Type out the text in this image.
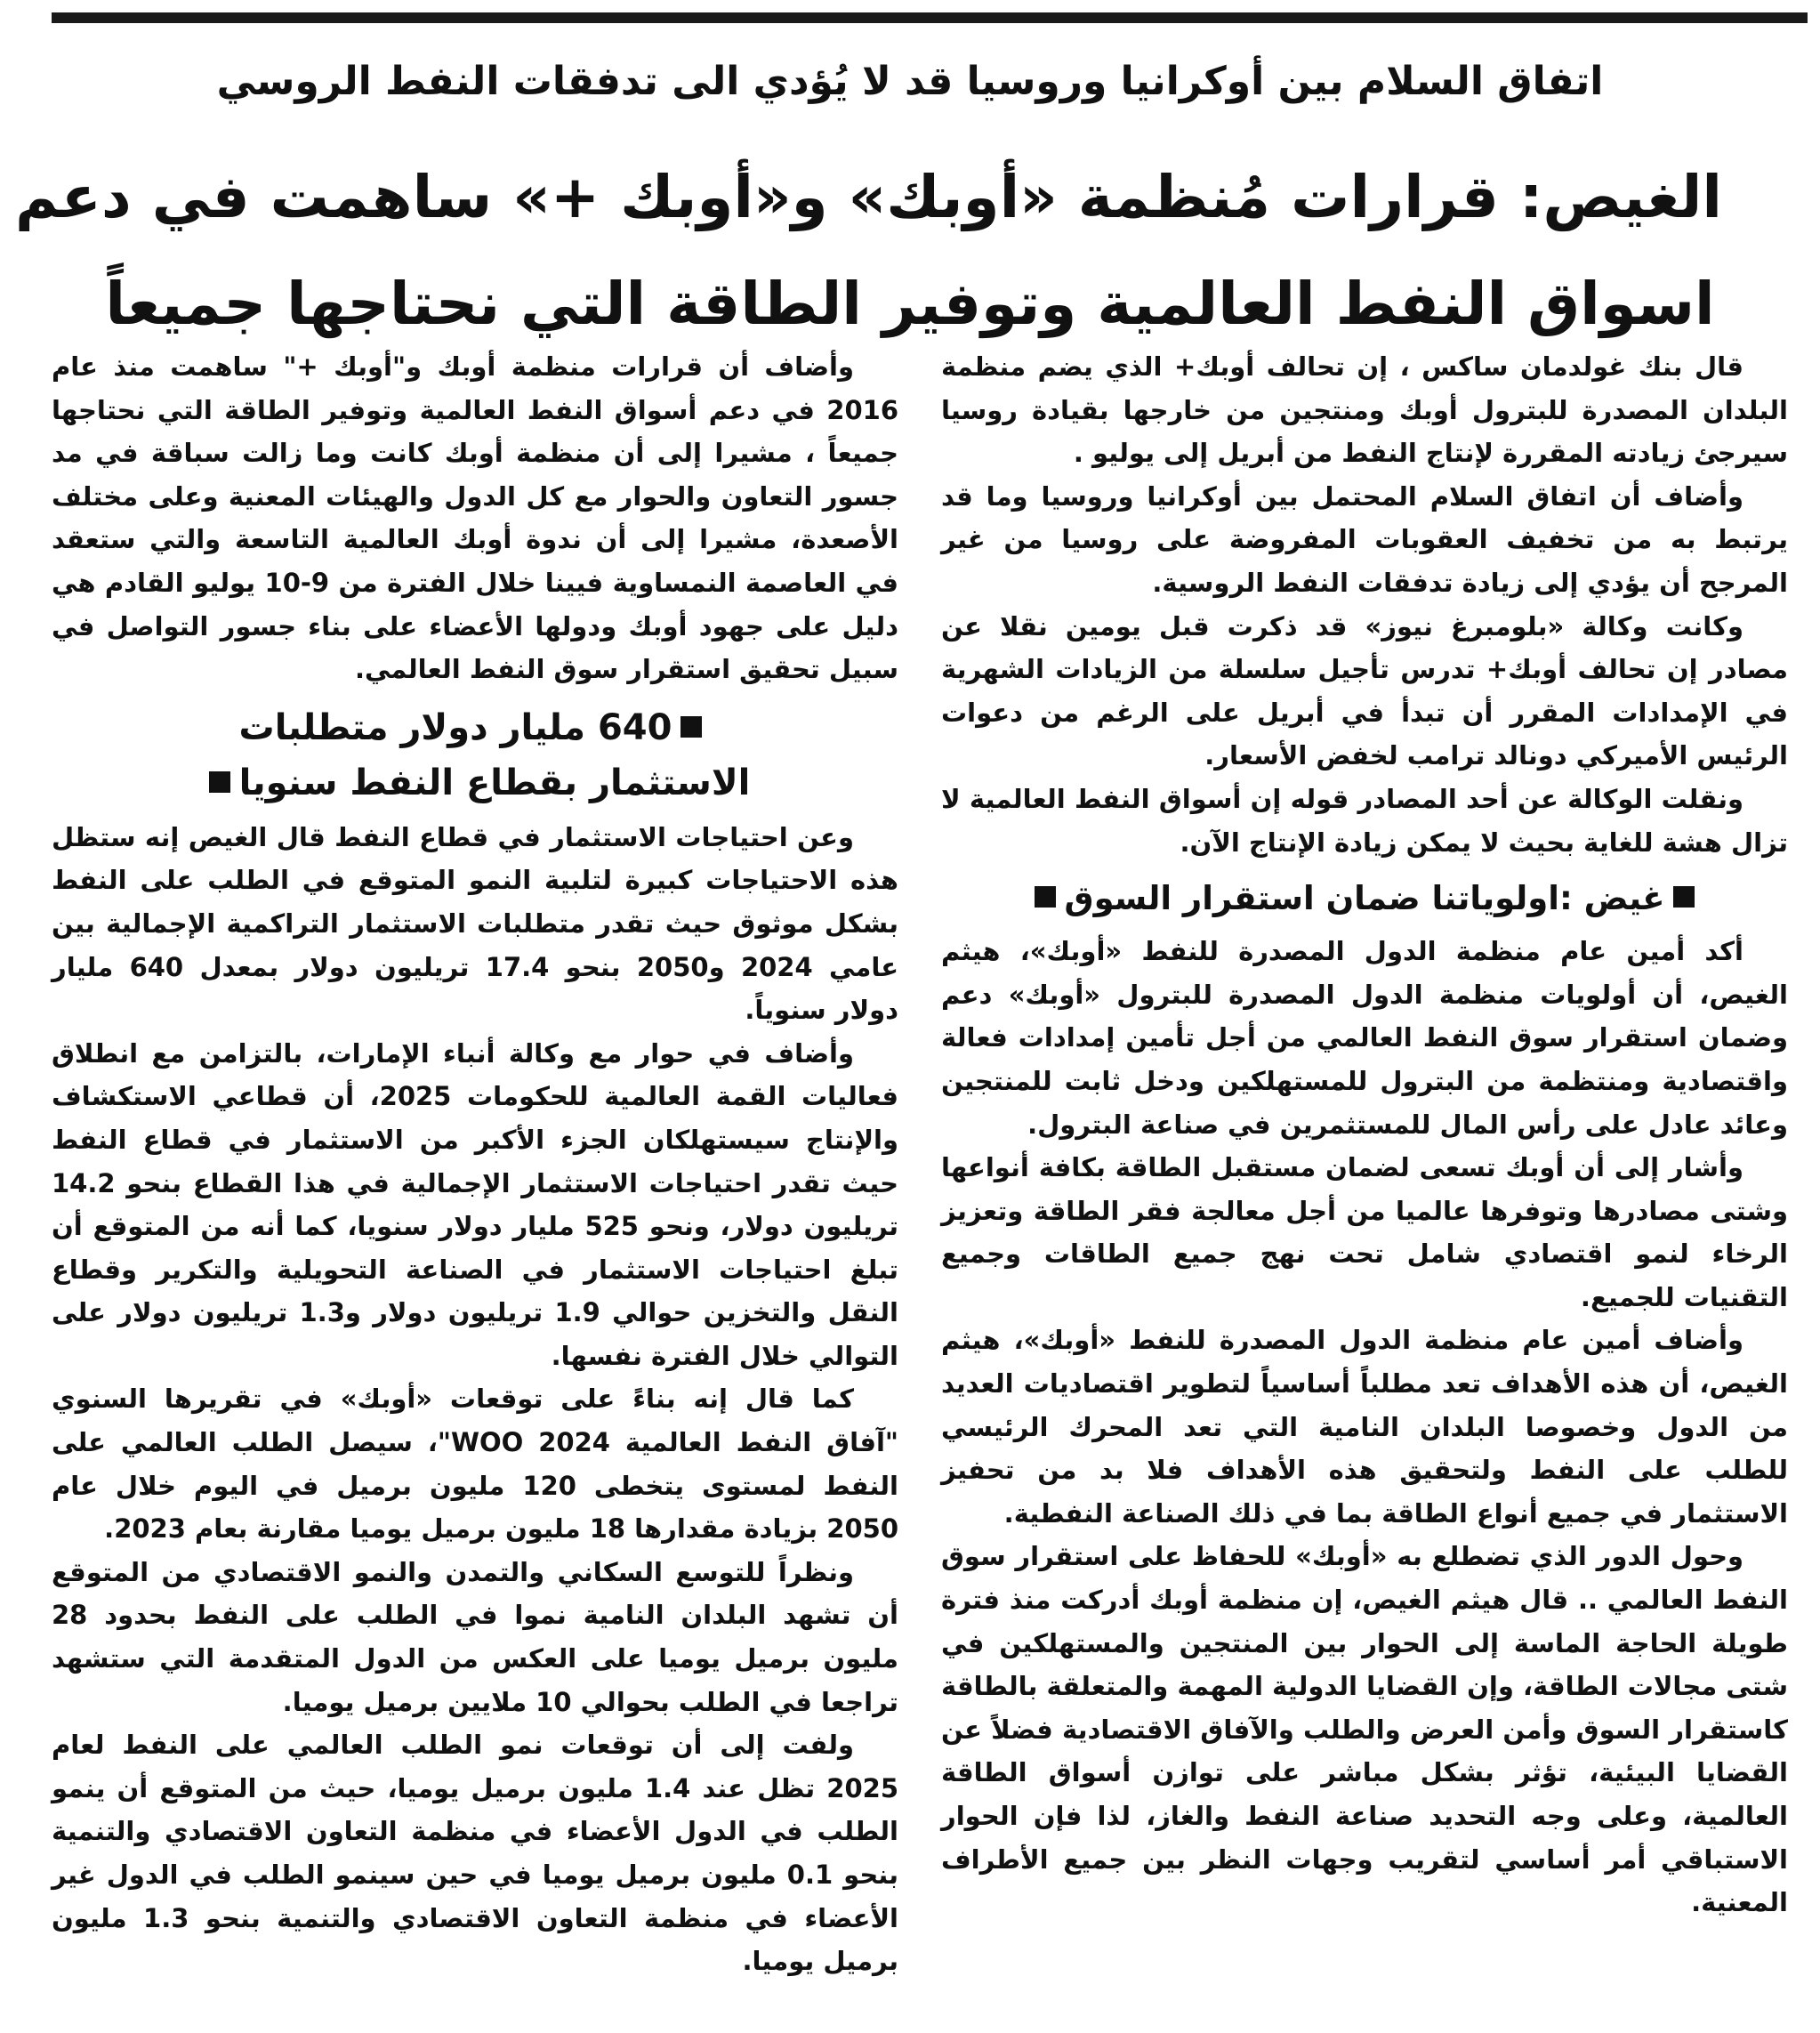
اتفاق السلام بين أوكرانيا وروسيا قد لا يُؤدي الى تدفقات النفط الروسي
الغيص: قرارات مُنظمة «أوبك» و«أوبك +» ساهمت في دعم
اسواق النفط العالمية وتوفير الطاقة التي نحتاجها جميعاً

قال بنك غولدمان ساكس ، إن تحالف أوبك+ الذي يضم منظمة البلدان المصدرة للبترول أوبك ومنتجين من خارجها بقيادة روسيا سيرجئ زيادته المقررة لإنتاج النفط من أبريل إلى يوليو .

وأضاف أن اتفاق السلام المحتمل بين أوكرانيا وروسيا وما قد يرتبط به من تخفيف العقوبات المفروضة على روسيا من غير المرجح أن يؤدي إلى زيادة تدفقات النفط الروسية.

وكانت وكالة «بلومبرغ نيوز» قد ذكرت قبل يومين نقلا عن مصادر إن تحالف أوبك+ تدرس تأجيل سلسلة من الزيادات الشهرية في الإمدادات المقرر أن تبدأ في أبريل على الرغم من دعوات الرئيس الأميركي دونالد ترامب لخفض الأسعار.

ونقلت الوكالة عن أحد المصادر قوله إن أسواق النفط العالمية لا تزال هشة للغاية بحيث لا يمكن زيادة الإنتاج الآن.

غيض :اولوياتنا ضمان استقرار السوق

أكد أمين عام منظمة الدول المصدرة للنفط «أوبك»، هيثم الغيص، أن أولويات منظمة الدول المصدرة للبترول «أوبك» دعم وضمان استقرار سوق النفط العالمي من أجل تأمين إمدادات فعالة واقتصادية ومنتظمة من البترول للمستهلكين ودخل ثابت للمنتجين وعائد عادل على رأس المال للمستثمرين في صناعة البترول.

وأشار إلى أن أوبك تسعى لضمان مستقبل الطاقة بكافة أنواعها وشتى مصادرها وتوفرها عالميا من أجل معالجة فقر الطاقة وتعزيز الرخاء لنمو اقتصادي شامل تحت نهج جميع الطاقات وجميع التقنيات للجميع.

وأضاف أمين عام منظمة الدول المصدرة للنفط «أوبك»، هيثم الغيص، أن هذه الأهداف تعد مطلباً أساسياً لتطوير اقتصاديات العديد من الدول وخصوصا البلدان النامية التي تعد المحرك الرئيسي للطلب على النفط ولتحقيق هذه الأهداف فلا بد من تحفيز الاستثمار في جميع أنواع الطاقة بما في ذلك الصناعة النفطية.

وحول الدور الذي تضطلع به «أوبك» للحفاظ على استقرار سوق النفط العالمي .. قال هيثم الغيص، إن منظمة أوبك أدركت منذ فترة طويلة الحاجة الماسة إلى الحوار بين المنتجين والمستهلكين في شتى مجالات الطاقة، وإن القضايا الدولية المهمة والمتعلقة بالطاقة كاستقرار السوق وأمن العرض والطلب والآفاق الاقتصادية فضلاً عن القضايا البيئية، تؤثر بشكل مباشر على توازن أسواق الطاقة العالمية، وعلى وجه التحديد صناعة النفط والغاز، لذا فإن الحوار الاستباقي أمر أساسي لتقريب وجهات النظر بين جميع الأطراف المعنية.

وأضاف أن قرارات منظمة أوبك و"أوبك +" ساهمت منذ عام 2016 في دعم أسواق النفط العالمية وتوفير الطاقة التي نحتاجها جميعاً ، مشيرا إلى أن منظمة أوبك كانت وما زالت سباقة في مد جسور التعاون والحوار مع كل الدول والهيئات المعنية وعلى مختلف الأصعدة، مشيرا إلى أن ندوة أوبك العالمية التاسعة والتي ستعقد في العاصمة النمساوية فيينا خلال الفترة من 9-10 يوليو القادم هي دليل على جهود أوبك ودولها الأعضاء على بناء جسور التواصل في سبيل تحقيق استقرار سوق النفط العالمي.

640 مليار دولار متطلبات
الاستثمار بقطاع النفط سنويا

وعن احتياجات الاستثمار في قطاع النفط قال الغيص إنه ستظل هذه الاحتياجات كبيرة لتلبية النمو المتوقع في الطلب على النفط بشكل موثوق حيث تقدر متطلبات الاستثمار التراكمية الإجمالية بين عامي 2024 و2050 بنحو 17.4 تريليون دولار بمعدل 640 مليار دولار سنوياً.

وأضاف في حوار مع وكالة أنباء الإمارات، بالتزامن مع انطلاق فعاليات القمة العالمية للحكومات 2025، أن قطاعي الاستكشاف والإنتاج سيستهلكان الجزء الأكبر من الاستثمار في قطاع النفط حيث تقدر احتياجات الاستثمار الإجمالية في هذا القطاع بنحو 14.2 تريليون دولار، ونحو 525 مليار دولار سنويا، كما أنه من المتوقع أن تبلغ احتياجات الاستثمار في الصناعة التحويلية والتكرير وقطاع النقل والتخزين حوالي 1.9 تريليون دولار و1.3 تريليون دولار على التوالي خلال الفترة نفسها.

كما قال إنه بناءً على توقعات «أوبك» في تقريرها السنوي "آفاق النفط العالمية WOO 2024"، سيصل الطلب العالمي على النفط لمستوى يتخطى 120 مليون برميل في اليوم خلال عام 2050 بزيادة مقدارها 18 مليون برميل يوميا مقارنة بعام 2023.

ونظراً للتوسع السكاني والتمدن والنمو الاقتصادي من المتوقع أن تشهد البلدان النامية نموا في الطلب على النفط بحدود 28 مليون برميل يوميا على العكس من الدول المتقدمة التي ستشهد تراجعا في الطلب بحوالي 10 ملايين برميل يوميا.

ولفت إلى أن توقعات نمو الطلب العالمي على النفط لعام 2025 تظل عند 1.4 مليون برميل يوميا، حيث من المتوقع أن ينمو الطلب في الدول الأعضاء في منظمة التعاون الاقتصادي والتنمية بنحو 0.1 مليون برميل يوميا في حين سينمو الطلب في الدول غير الأعضاء في منظمة التعاون الاقتصادي والتنمية بنحو 1.3 مليون برميل يوميا.
